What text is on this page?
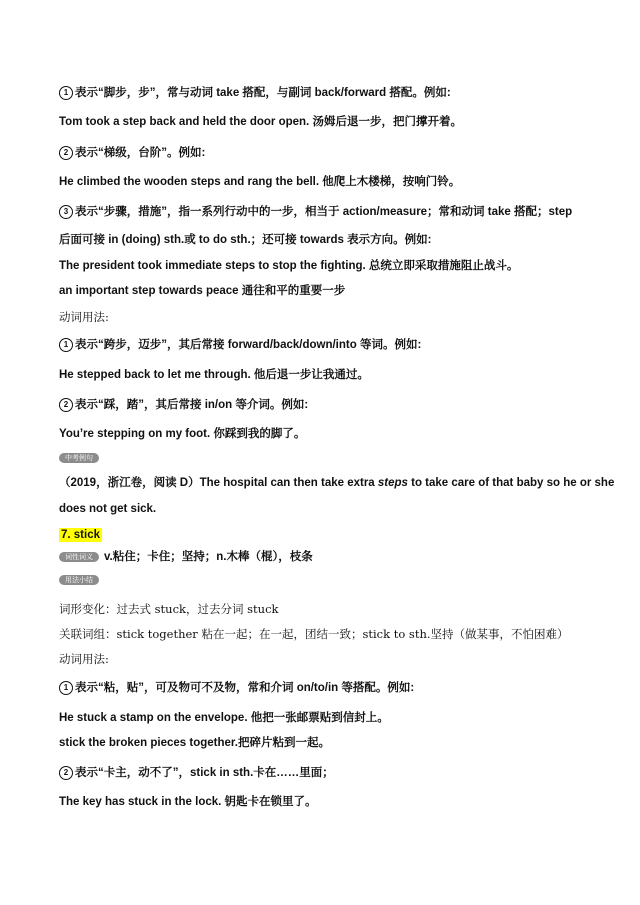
1 表示“脚步，步”，常与动词 take 搭配，与副词 back/forward 搭配。例如:
Tom took a step back and held the door open. 汤姆后退一步，把门撑开着。
2 表示“梯级，台阶”。例如:
He climbed the wooden steps and rang the bell. 他爬上木楼梯，按响门铃。
3 表示“步骤，措施”，指一系列行动中的一步，相当于 action/measure；常和动词 take 搭配；step
后面可接 in (doing) sth.或 to do sth.；还可接 towards 表示方向。例如:
The president took immediate steps to stop the fighting. 总统立即采取措施阻止战斗。
an important step towards peace 通往和平的重要一步
动词用法:
1 表示“跨步，迈步”，其后常接 forward/back/down/into 等词。例如:
He stepped back to let me through. 他后退一步让我通过。
2 表示“踩，踏”，其后常接 in/on 等介词。例如:
You’re stepping on my foot. 你踩到我的脚了。
中考例句
（2019，浙江卷，阅读 D）The hospital can then take extra steps to take care of that baby so he or she
does not get sick.
7. stick
词性词义 v.粘住；卡住；坚持；n.木棒（棍），枝条
用法小结
词形变化：过去式 stuck，过去分词 stuck
关联词组：stick together 粘在一起；在一起，团结一致；stick to sth.坚持（做某事，不怕困难）
动词用法:
1 表示“粘，贴”，可及物可不及物，常和介词 on/to/in 等搭配。例如:
He stuck a stamp on the envelope. 他把一张邮票贴到信封上。
stick the broken pieces together.把碎片粘到一起。
2 表示“卡主，动不了”，stick in sth.卡在……里面；
The key has stuck in the lock. 钥匙卡在锁里了。
